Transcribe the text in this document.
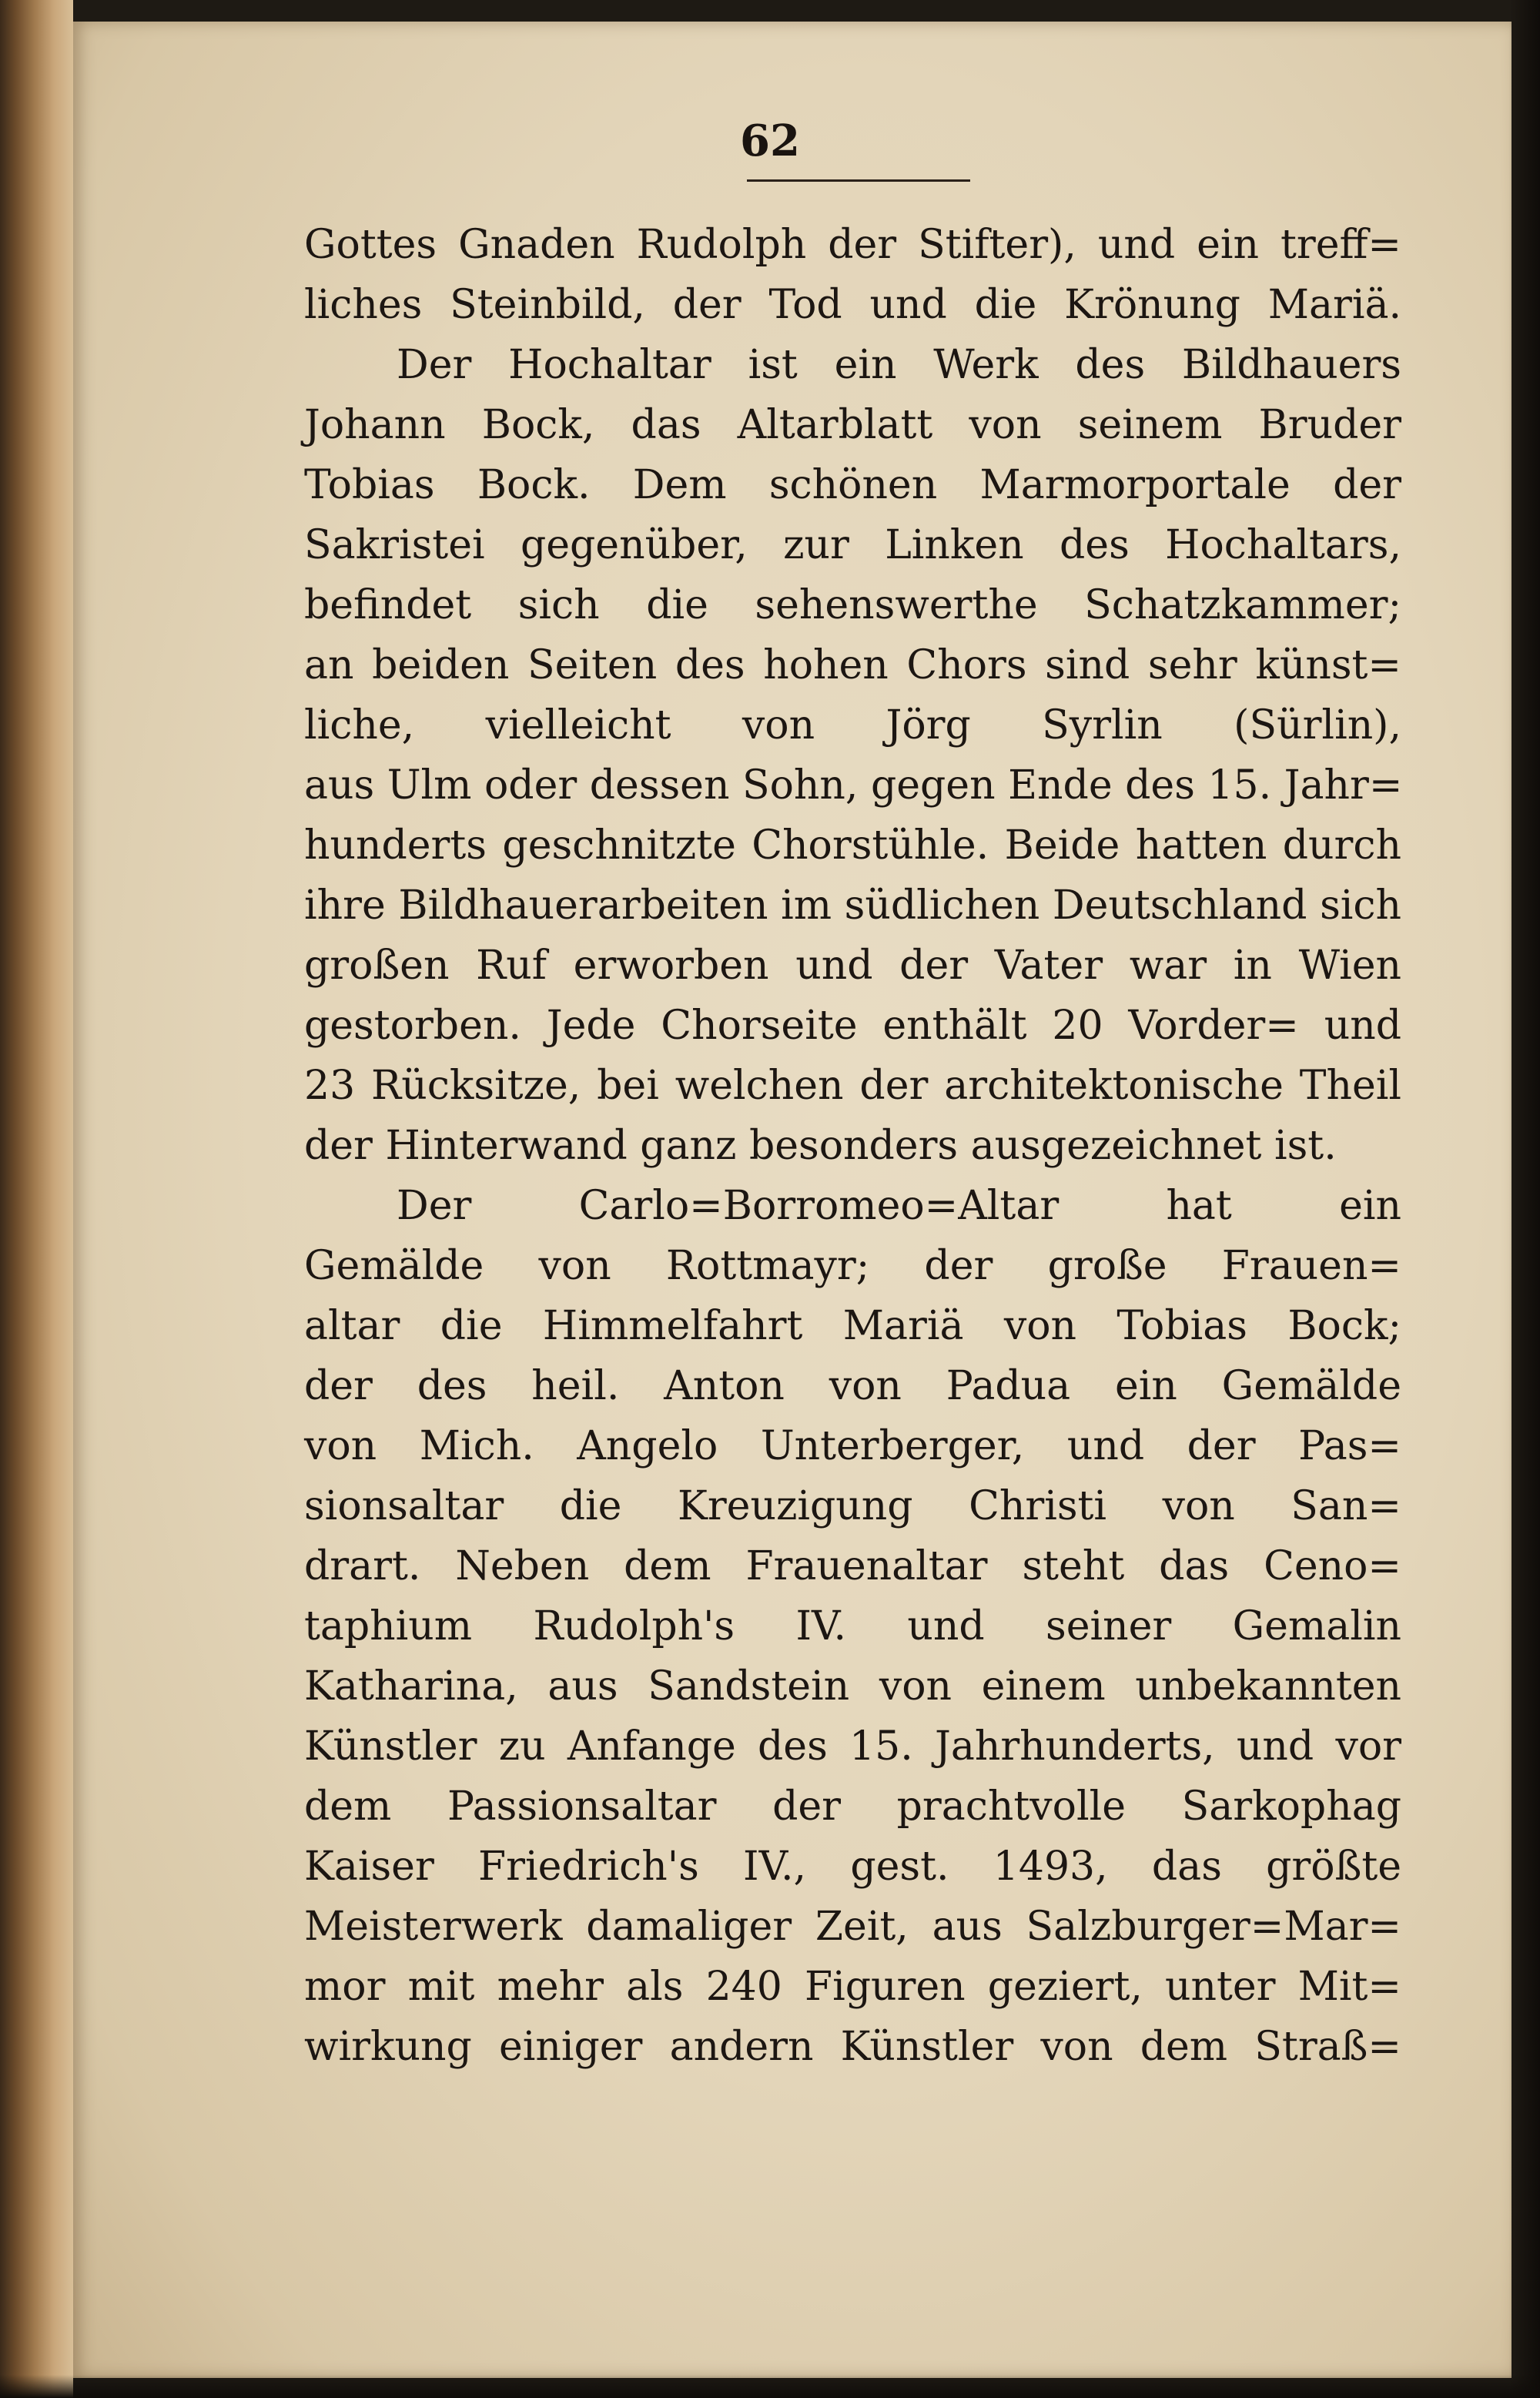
62
Gottes Gnaden Rudolph der Stifter), und ein treff=
liches Steinbild, der Tod und die Krönung Mariä.
Der Hochaltar ist ein Werk des Bildhauers
Johann Bock, das Altarblatt von seinem Bruder
Tobias Bock. Dem schönen Marmorportale der
Sakristei gegenüber, zur Linken des Hochaltars,
befindet sich die sehenswerthe Schatzkammer;
an beiden Seiten des hohen Chors sind sehr künst=
liche, vielleicht von Jörg Syrlin (Sürlin),
aus Ulm oder dessen Sohn, gegen Ende des 15. Jahr=
hunderts geschnitzte Chorstühle. Beide hatten durch
ihre Bildhauerarbeiten im südlichen Deutschland sich
großen Ruf erworben und der Vater war in Wien
gestorben. Jede Chorseite enthält 20 Vorder= und
23 Rücksitze, bei welchen der architektonische Theil
der Hinterwand ganz besonders ausgezeichnet ist.
Der Carlo=Borromeo=Altar hat ein
Gemälde von Rottmayr; der große Frauen=
altar die Himmelfahrt Mariä von Tobias Bock;
der des heil. Anton von Padua ein Gemälde
von Mich. Angelo Unterberger, und der Pas=
sionsaltar die Kreuzigung Christi von San=
drart. Neben dem Frauenaltar steht das Ceno=
taphium Rudolph's IV. und seiner Gemalin
Katharina, aus Sandstein von einem unbekannten
Künstler zu Anfange des 15. Jahrhunderts, und vor
dem Passionsaltar der prachtvolle Sarkophag
Kaiser Friedrich's IV., gest. 1493, das größte
Meisterwerk damaliger Zeit, aus Salzburger=Mar=
mor mit mehr als 240 Figuren geziert, unter Mit=
wirkung einiger andern Künstler von dem Straß=
